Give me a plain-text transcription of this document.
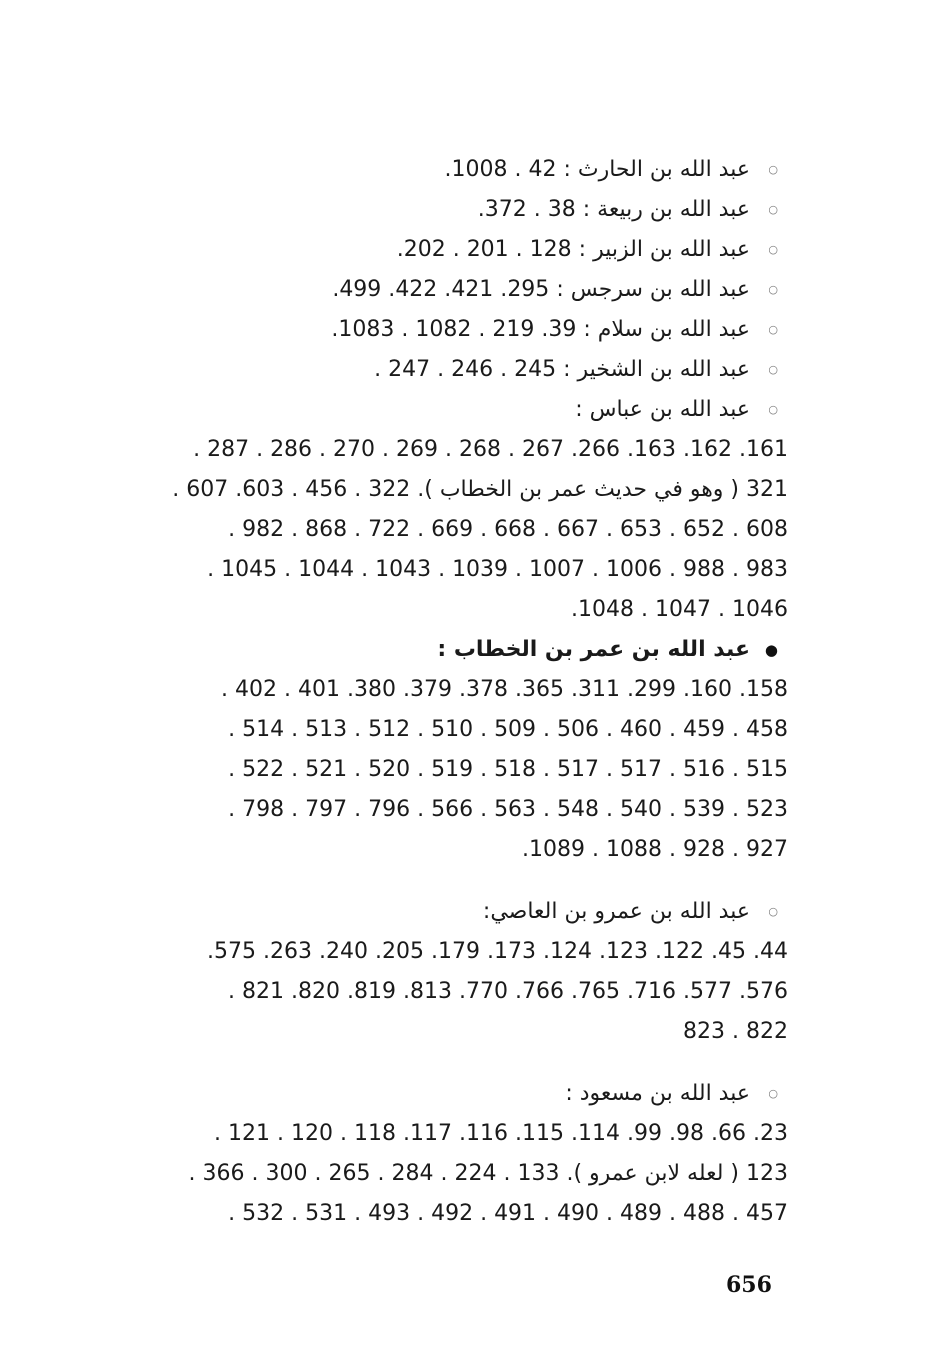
○
عبد الله بن الحارث : 42 . 1008.
○
عبد الله بن ربيعة : 38 . 372.
○
عبد الله بن الزبير : 128 . 201 . 202.
○
عبد الله بن سرجس : 295. 421. 422. 499.
○
عبد الله بن سلام : 39. 219 . 1082 . 1083.
○
عبد الله بن الشخير : 245 . 246 . 247 .
○
عبد الله بن عباس :
161. 162. 163. 266. 267 . 268 . 269 . 270 . 286 . 287 .
321 ( وهو في حديث عمر بن الخطاب ). 322 . 456 . 603. 607 .
608 . 652 . 653 . 667 . 668 . 669 . 722 . 868 . 982 .
983 . 988 . 1006 . 1007 . 1039 . 1043 . 1044 . 1045 .
1046 . 1047 . 1048.
●
عبد الله بن عمر بن الخطاب :
158. 160. 299. 311. 365. 378. 379. 380. 401 . 402 .
458 . 459 . 460 . 506 . 509 . 510 . 512 . 513 . 514 .
515 . 516 . 517 . 517 . 518 . 519 . 520 . 521 . 522 .
523 . 539 . 540 . 548 . 563 . 566 . 796 . 797 . 798 .
927 . 928 . 1088 . 1089.
○
عبد الله بن عمرو بن العاصي:
44. 45. 122. 123. 124. 173. 179. 205. 240. 263. 575.
576. 577. 716. 765. 766. 770. 813. 819. 820. 821 .
822 . 823
○
عبد الله بن مسعود :
23. 66. 98. 99. 114. 115. 116. 117. 118 . 120 . 121 .
123 ( لعله لابن عمرو ). 133 . 224 . 284 . 265 . 300 . 366 .
457 . 488 . 489 . 490 . 491 . 492 . 493 . 531 . 532 .
656
